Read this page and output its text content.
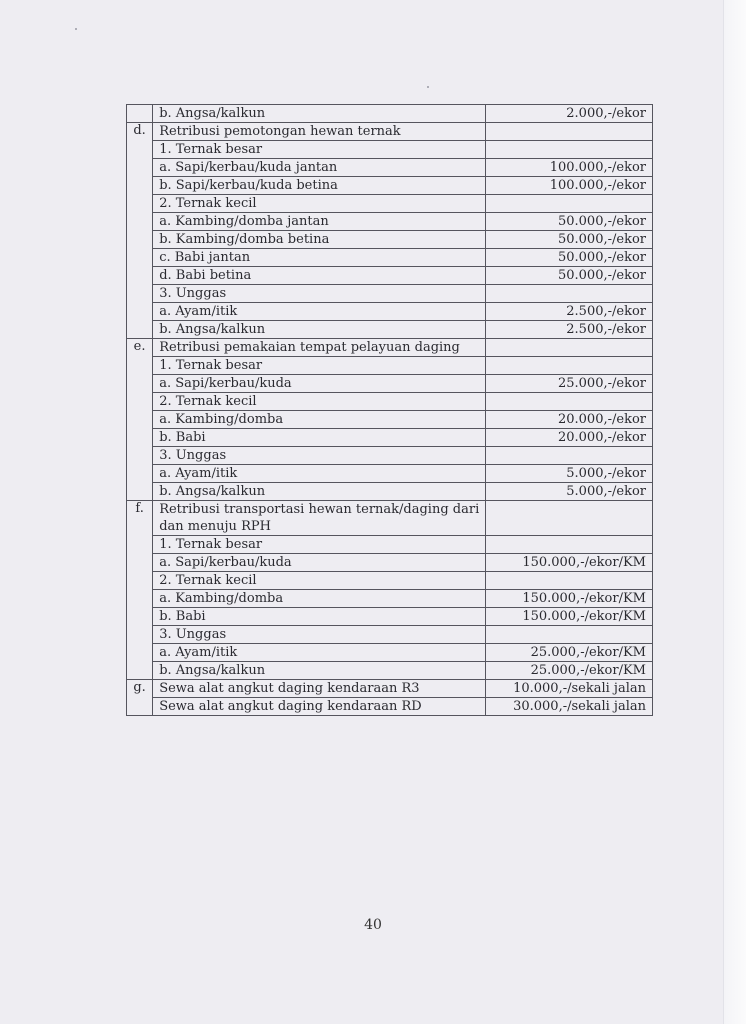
	b. Angsa/kalkun	2.000,-/ekor
d.	Retribusi pemotongan hewan ternak	
	1. Ternak besar	
	a. Sapi/kerbau/kuda jantan	100.000,-/ekor
	b. Sapi/kerbau/kuda betina	100.000,-/ekor
	2. Ternak kecil	
	a. Kambing/domba jantan	50.000,-/ekor
	b. Kambing/domba betina	50.000,-/ekor
	c. Babi jantan	50.000,-/ekor
	d. Babi betina	50.000,-/ekor
	3. Unggas	
	a. Ayam/itik	2.500,-/ekor
	b. Angsa/kalkun	2.500,-/ekor
e.	Retribusi pemakaian tempat pelayuan daging	
	1. Ternak besar	
	a. Sapi/kerbau/kuda	25.000,-/ekor
	2. Ternak kecil	
	a. Kambing/domba	20.000,-/ekor
	b. Babi	20.000,-/ekor
	3. Unggas	
	a. Ayam/itik	5.000,-/ekor
	b. Angsa/kalkun	5.000,-/ekor
f.	Retribusi transportasi hewan ternak/daging dari dan menuju RPH	
	1. Ternak besar	
	a. Sapi/kerbau/kuda	150.000,-/ekor/KM
	2. Ternak kecil	
	a. Kambing/domba	150.000,-/ekor/KM
	b. Babi	150.000,-/ekor/KM
	3. Unggas	
	a. Ayam/itik	25.000,-/ekor/KM
	b. Angsa/kalkun	25.000,-/ekor/KM
g.	Sewa alat angkut daging kendaraan R3	10.000,-/sekali jalan
	Sewa alat angkut daging kendaraan RD	30.000,-/sekali jalan
40
